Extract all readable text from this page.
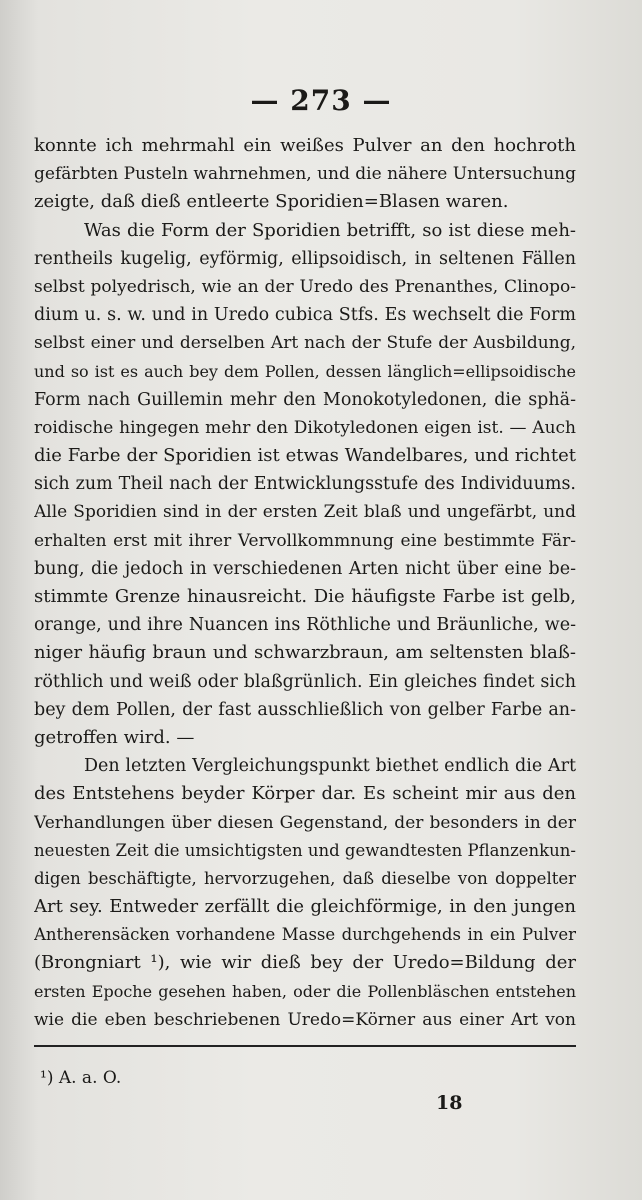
— 273 —
konnte ich mehrmahl ein weißes Pulver an den hochroth
gefärbten Pusteln wahrnehmen, und die nähere Untersuchung
zeigte, daß dieß entleerte Sporidien=Blasen waren.
Was die Form der Sporidien betrifft, so ist diese meh-
rentheils kugelig, eyförmig, ellipsoidisch, in seltenen Fällen
selbst polyedrisch, wie an der Uredo des Prenanthes, Clinopo-
dium u. s. w. und in Uredo cubica Stfs. Es wechselt die Form
selbst einer und derselben Art nach der Stufe der Ausbildung,
und so ist es auch bey dem Pollen, dessen länglich=ellipsoidische
Form nach Guillemin mehr den Monokotyledonen, die sphä-
roidische hingegen mehr den Dikotyledonen eigen ist. — Auch
die Farbe der Sporidien ist etwas Wandelbares, und richtet
sich zum Theil nach der Entwicklungsstufe des Individuums.
Alle Sporidien sind in der ersten Zeit blaß und ungefärbt, und
erhalten erst mit ihrer Vervollkommnung eine bestimmte Fär-
bung, die jedoch in verschiedenen Arten nicht über eine be-
stimmte Grenze hinausreicht. Die häufigste Farbe ist gelb,
orange, und ihre Nuancen ins Röthliche und Bräunliche, we-
niger häufig braun und schwarzbraun, am seltensten blaß-
röthlich und weiß oder blaßgrünlich. Ein gleiches findet sich
bey dem Pollen, der fast ausschließlich von gelber Farbe an-
getroffen wird. —
Den letzten Vergleichungspunkt biethet endlich die Art
des Entstehens beyder Körper dar. Es scheint mir aus den
Verhandlungen über diesen Gegenstand, der besonders in der
neuesten Zeit die umsichtigsten und gewandtesten Pflanzenkun-
digen beschäftigte, hervorzugehen, daß dieselbe von doppelter
Art sey. Entweder zerfällt die gleichförmige, in den jungen
Antherensäcken vorhandene Masse durchgehends in ein Pulver
(Brongniart ¹), wie wir dieß bey der Uredo=Bildung der
ersten Epoche gesehen haben, oder die Pollenbläschen entstehen
wie die eben beschriebenen Uredo=Körner aus einer Art von
¹) A. a. O.
18
